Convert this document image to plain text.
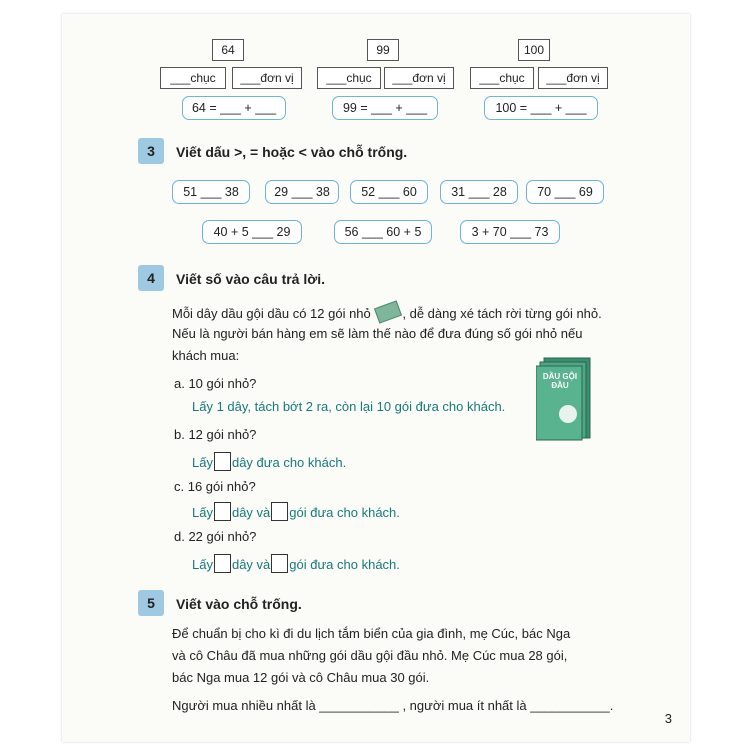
64
___chục	___đơn vị
64 = ___ + ___
99
___chục	___đơn vị
99 = ___ + ___
100
___chục	___đơn vị
100 = ___ + ___
3	Viết dấu >, = hoặc < vào chỗ trống.
51 ___ 38	29 ___ 38	52 ___ 60	31 ___ 28	70 ___ 69
40 + 5 ___ 29	56 ___ 60 + 5	3 + 70 ___ 73
4	Viết số vào câu trả lời.
Mỗi dây dầu gội dầu có 12 gói nhỏ , dễ dàng xé tách rời từng gói nhỏ.
Nếu là người bán hàng em sẽ làm thế nào để đưa đúng số gói nhỏ nếu
khách mua:
DẦU GỘI ĐẦU
a. 10 gói nhỏ?
Lấy 1 dây, tách bớt 2 ra, còn lại 10 gói đưa cho khách.
b. 12 gói nhỏ?
Lấy dây đưa cho khách.
c. 16 gói nhỏ?
Lấy dây và gói đưa cho khách.
d. 22 gói nhỏ?
Lấy dây và gói đưa cho khách.
5	Viết vào chỗ trống.
Để chuẩn bị cho kì đi du lịch tắm biển của gia đình, mẹ Cúc, bác Nga
và cô Châu đã mua những gói dầu gội đầu nhỏ. Mẹ Cúc mua 28 gói,
bác Nga mua 12 gói và cô Châu mua 30 gói.
Người mua nhiều nhất là ___________ , người mua ít nhất là ___________.
3
